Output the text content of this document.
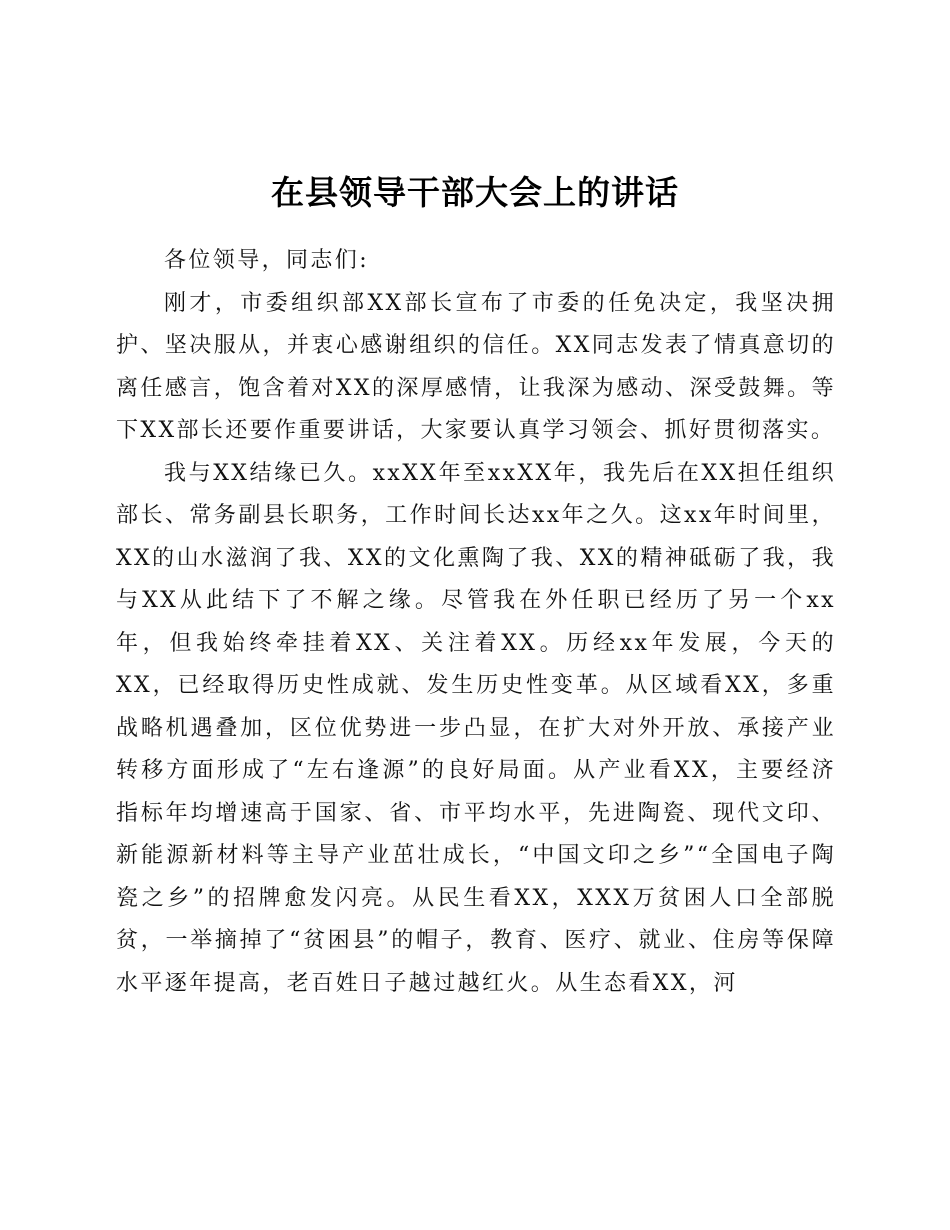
在县领导干部大会上的讲话

各位领导，同志们:

刚才，市委组织部XX部长宣布了市委的任免决定，我坚决拥护、坚决服从，并衷心感谢组织的信任。XX同志发表了情真意切的离任感言，饱含着对XX的深厚感情，让我深为感动、深受鼓舞。等下XX部长还要作重要讲话，大家要认真学习领会、抓好贯彻落实。

我与XX结缘已久。xxXX年至xxXX年，我先后在XX担任组织部长、常务副县长职务，工作时间长达xx年之久。这xx年时间里，XX的山水滋润了我、XX的文化熏陶了我、XX的精神砥砺了我，我与XX从此结下了不解之缘。尽管我在外任职已经历了另一个xx年，但我始终牵挂着XX、关注着XX。历经xx年发展，今天的XX，已经取得历史性成就、发生历史性变革。从区域看XX，多重战略机遇叠加，区位优势进一步凸显，在扩大对外开放、承接产业转移方面形成了“左右逢源”的良好局面。从产业看XX，主要经济指标年均增速高于国家、省、市平均水平，先进陶瓷、现代文印、新能源新材料等主导产业茁壮成长，“中国文印之乡”“全国电子陶瓷之乡”的招牌愈发闪亮。从民生看XX，XXX万贫困人口全部脱贫，一举摘掉了“贫困县”的帽子，教育、医疗、就业、住房等保障水平逐年提高，老百姓日子越过越红火。从生态看XX，河
